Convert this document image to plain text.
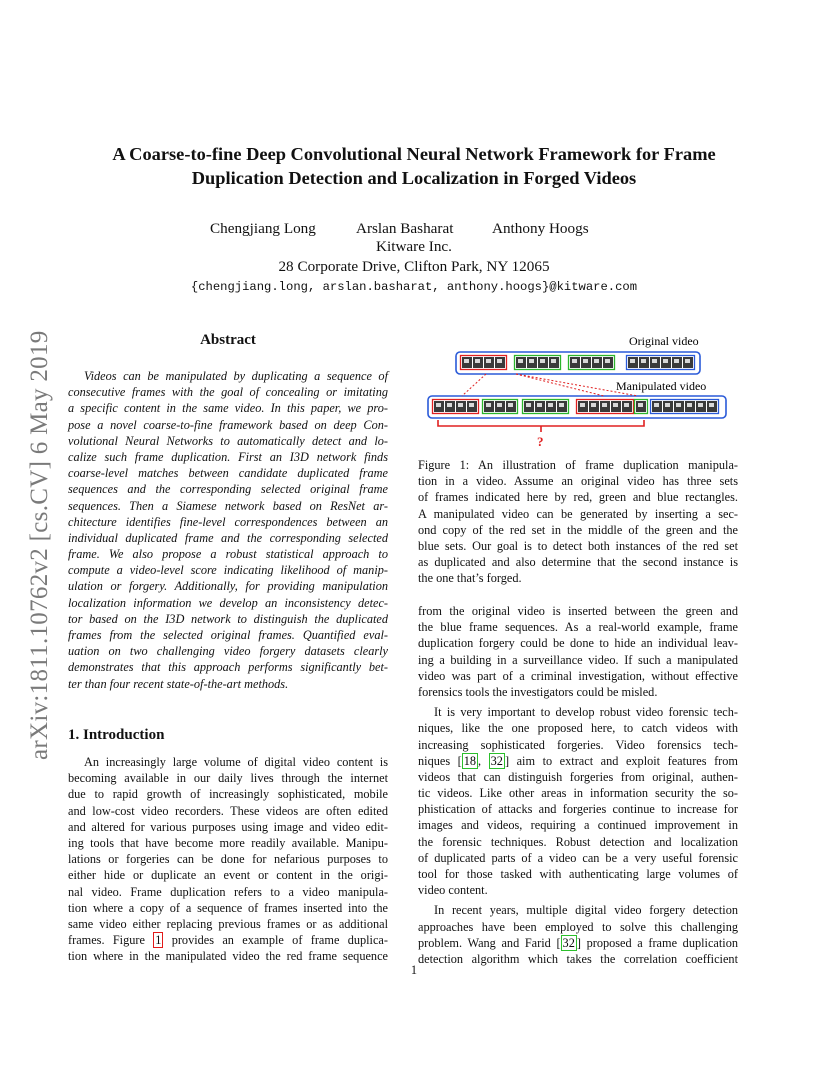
arXiv:1811.10762v2 [cs.CV] 6 May 2019
A Coarse-to-fine Deep Convolutional Neural Network Framework for Frame
Duplication Detection and Localization in Forged Videos
Chengjiang Long	Arslan Basharat	Anthony Hoogs
Kitware Inc.
28 Corporate Drive, Clifton Park, NY 12065
{chengjiang.long, arslan.basharat, anthony.hoogs}@kitware.com
Abstract
Videos can be manipulated by duplicating a sequence of
consecutive frames with the goal of concealing or imitating
a specific content in the same video. In this paper, we pro-
pose a novel coarse-to-fine framework based on deep Con-
volutional Neural Networks to automatically detect and lo-
calize such frame duplication. First an I3D network finds
coarse-level matches between candidate duplicated frame
sequences and the corresponding selected original frame
sequences. Then a Siamese network based on ResNet ar-
chitecture identifies fine-level correspondences between an
individual duplicated frame and the corresponding selected
frame. We also propose a robust statistical approach to
compute a video-level score indicating likelihood of manip-
ulation or forgery. Additionally, for providing manipulation
localization information we develop an inconsistency detec-
tor based on the I3D network to distinguish the duplicated
frames from the selected original frames. Quantified eval-
uation on two challenging video forgery datasets clearly
demonstrates that this approach performs significantly bet-
ter than four recent state-of-the-art methods.
1. Introduction
An increasingly large volume of digital video content is
becoming available in our daily lives through the internet
due to rapid growth of increasingly sophisticated, mobile
and low-cost video recorders. These videos are often edited
and altered for various purposes using image and video edit-
ing tools that have become more readily available. Manipu-
lations or forgeries can be done for nefarious purposes to
either hide or duplicate an event or content in the origi-
nal video. Frame duplication refers to a video manipula-
tion where a copy of a sequence of frames inserted into the
same video either replacing previous frames or as additional
frames. Figure 1 provides an example of frame duplica-
tion where in the manipulated video the red frame sequence
Original video
Manipulated video
?
Figure 1: An illustration of frame duplication manipula-
tion in a video. Assume an original video has three sets
of frames indicated here by red, green and blue rectangles.
A manipulated video can be generated by inserting a sec-
ond copy of the red set in the middle of the green and the
blue sets. Our goal is to detect both instances of the red set
as duplicated and also determine that the second instance is
the one that’s forged.
from the original video is inserted between the green and
the blue frame sequences. As a real-world example, frame
duplication forgery could be done to hide an individual leav-
ing a building in a surveillance video. If such a manipulated
video was part of a criminal investigation, without effective
forensics tools the investigators could be misled.
It is very important to develop robust video forensic tech-
niques, like the one proposed here, to catch videos with
increasing sophisticated forgeries. Video forensics tech-
niques [ 18 , 32 ] aim to extract and exploit features from
videos that can distinguish forgeries from original, authen-
tic videos. Like other areas in information security the so-
phistication of attacks and forgeries continue to increase for
images and videos, requiring a continued improvement in
the forensic techniques. Robust detection and localization
of duplicated parts of a video can be a very useful forensic
tool for those tasked with authenticating large volumes of
video content.
In recent years, multiple digital video forgery detection
approaches have been employed to solve this challenging
problem. Wang and Farid [ 32 ] proposed a frame duplication
detection algorithm which takes the correlation coefficient
1
